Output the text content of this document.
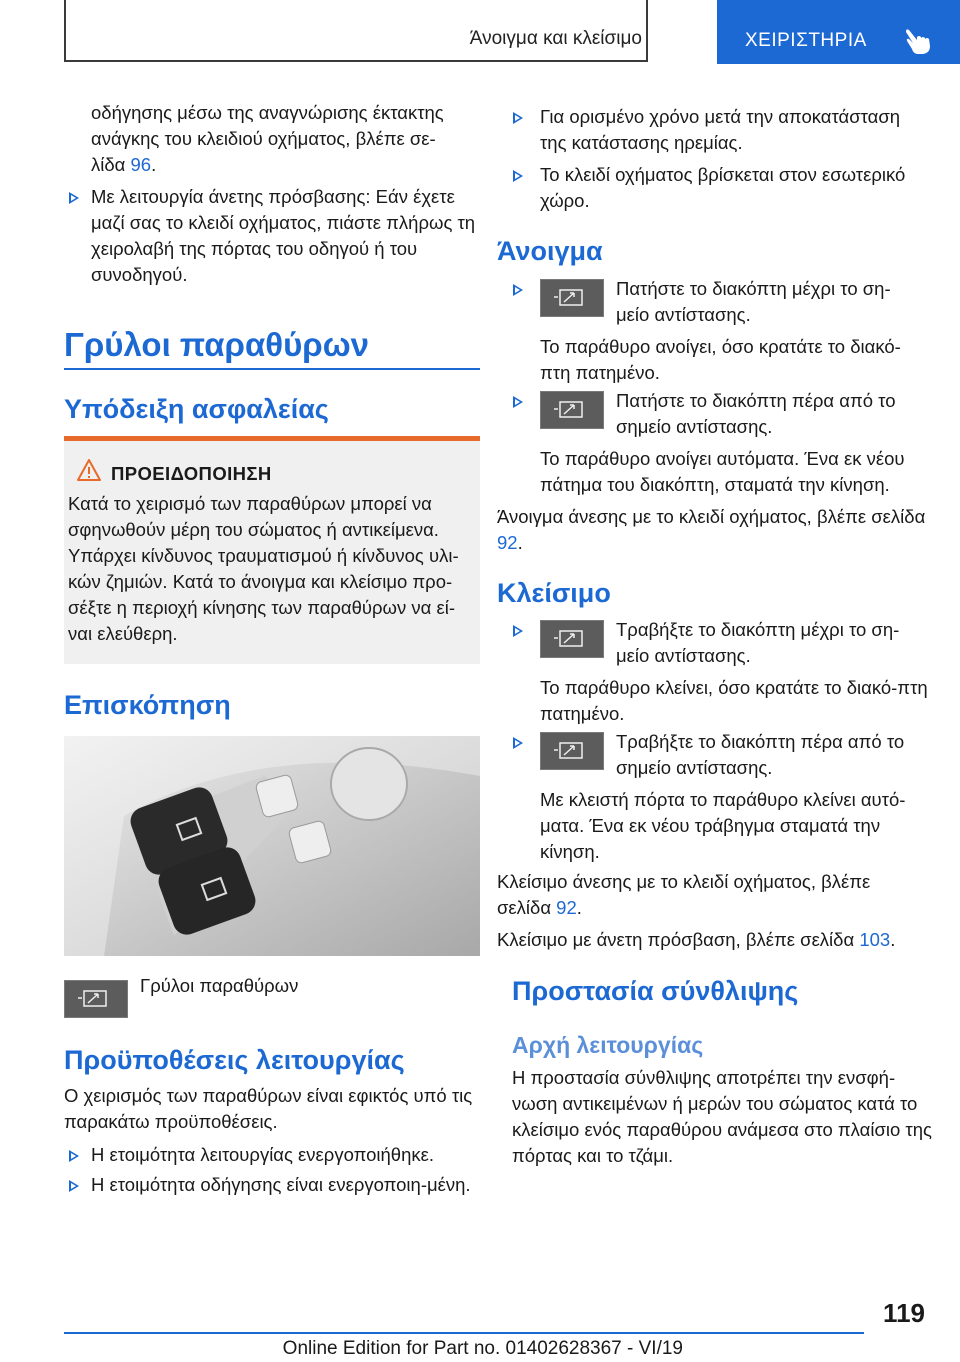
Άνοιγμα και κλείσιμο	ΧΕΙΡΙΣΤΗΡΙΑ
οδήγησης μέσω της αναγνώρισης έκτακτης ανάγκης του κλειδιού οχήματος, βλέπε σε-
λίδα 96.
Με λειτουργία άνετης πρόσβασης: Εάν έχετε μαζί σας το κλειδί οχήματος, πιάστε πλήρως τη χειρολαβή της πόρτας του οδηγού ή του συνοδηγού.
Γρύλοι παραθύρων
Υπόδειξη ασφαλείας
ΠΡΟΕΙΔΟΠΟΙΗΣΗ
Κατά το χειρισμό των παραθύρων μπορεί να σφηνωθούν μέρη του σώματος ή αντικείμενα. Υπάρχει κίνδυνος τραυματισμού ή κίνδυνος υλι-κών ζημιών. Κατά το άνοιγμα και κλείσιμο προ-σέξτε η περιοχή κίνησης των παραθύρων να εί-ναι ελεύθερη.
Επισκόπηση
Γρύλοι παραθύρων
Προϋποθέσεις λειτουργίας
Ο χειρισμός των παραθύρων είναι εφικτός υπό τις παρακάτω προϋποθέσεις.
Η ετοιμότητα λειτουργίας ενεργοποιήθηκε.
Η ετοιμότητα οδήγησης είναι ενεργοποιη-μένη.
Για ορισμένο χρόνο μετά την αποκατάσταση της κατάστασης ηρεμίας.
Το κλειδί οχήματος βρίσκεται στον εσωτερικό χώρο.
Άνοιγμα
Πατήστε το διακόπτη μέχρι το ση-μείο αντίστασης.
Το παράθυρο ανοίγει, όσο κρατάτε το διακό-πτη πατημένο.
Πατήστε το διακόπτη πέρα από το σημείο αντίστασης.
Το παράθυρο ανοίγει αυτόματα. Ένα εκ νέου πάτημα του διακόπτη, σταματά την κίνηση.
Άνοιγμα άνεσης με το κλειδί οχήματος, βλέπε σελίδα 92.
Κλείσιμο
Τραβήξτε το διακόπτη μέχρι το ση-μείο αντίστασης.
Το παράθυρο κλείνει, όσο κρατάτε το διακό-πτη πατημένο.
Τραβήξτε το διακόπτη πέρα από το σημείο αντίστασης.
Με κλειστή πόρτα το παράθυρο κλείνει αυτό-ματα. Ένα εκ νέου τράβηγμα σταματά την κίνηση.
Κλείσιμο άνεσης με το κλειδί οχήματος, βλέπε σελίδα 92.
Κλείσιμο με άνετη πρόσβαση, βλέπε σελίδα 103.
Προστασία σύνθλιψης
Αρχή λειτουργίας
Η προστασία σύνθλιψης αποτρέπει την ενσφή-νωση αντικειμένων ή μερών του σώματος κατά το κλείσιμο ενός παραθύρου ανάμεσα στο πλαίσιο της πόρτας και το τζάμι.
119
Online Edition for Part no. 01402628367 - VI/19
